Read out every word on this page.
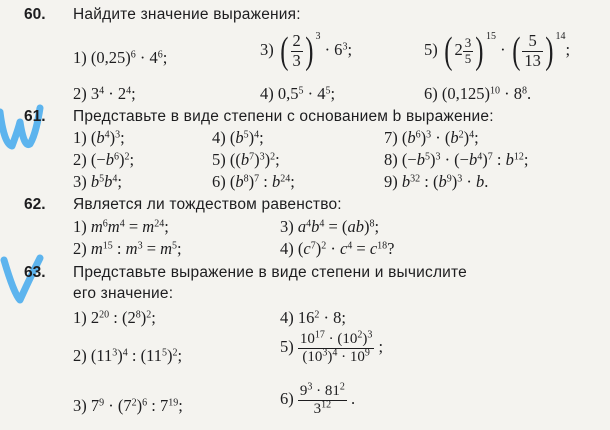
60. Найдите значение выражения:
1) $(0,25)^6 \cdot 4^6$;	3) ( $\frac{2}{3}$ ) $^3 \cdot 6^3$;	5) ( $2 \frac{3}{5}$ ) $^{15}$ · ( $\frac{5}{13}$ ) $^{14}$;
2) $3^4 \cdot 2^4$;	4) $0,5^5 \cdot 4^5$;	6) $(0,125)^{10} \cdot 8^8$.
61. Представьте в виде степени с основанием b выражение:
1) $(b^4)^3$;	4) $(b^5)^4$;	7) $(b^6)^3 \cdot (b^2)^4$;
2) $(-b^6)^2$;	5) $((b^7)^3)^2$;	8) $(-b^5)^3 \cdot (-b^4)^7$ : $b^{12}$;
3) $b^5b^4$;	6) $(b^8)^7$ : $b^{24}$;	9) $b^{32}$ : $(b^9)^3 \cdot b$.
62. Является ли тождеством равенство:
1) $m^6m^4 = m^{24}$;	3) $a^4b^4 = (ab)^8$;
2) $m^{15}$ : $m^3 = m^5$;	4) $(c^7)^2 \cdot c^4 = c^{18}$?
63. Представьте выражение в виде степени и вычислите
его значение:
1) $2^{20}$ : $(2^8)^2$;	4) $16^2 \cdot 8$;
2) $(11^3)^4$ : $(11^5)^2$;	$5) \frac{10^{17} \cdot (10^2)^3}{(10^3)^4 \cdot 10^9}$ ;
3) $7^9 \cdot (7^2)^6$ : $7^{19}$;	$6) \frac{9^3 \cdot 81^2}{3^{12}}$ .
